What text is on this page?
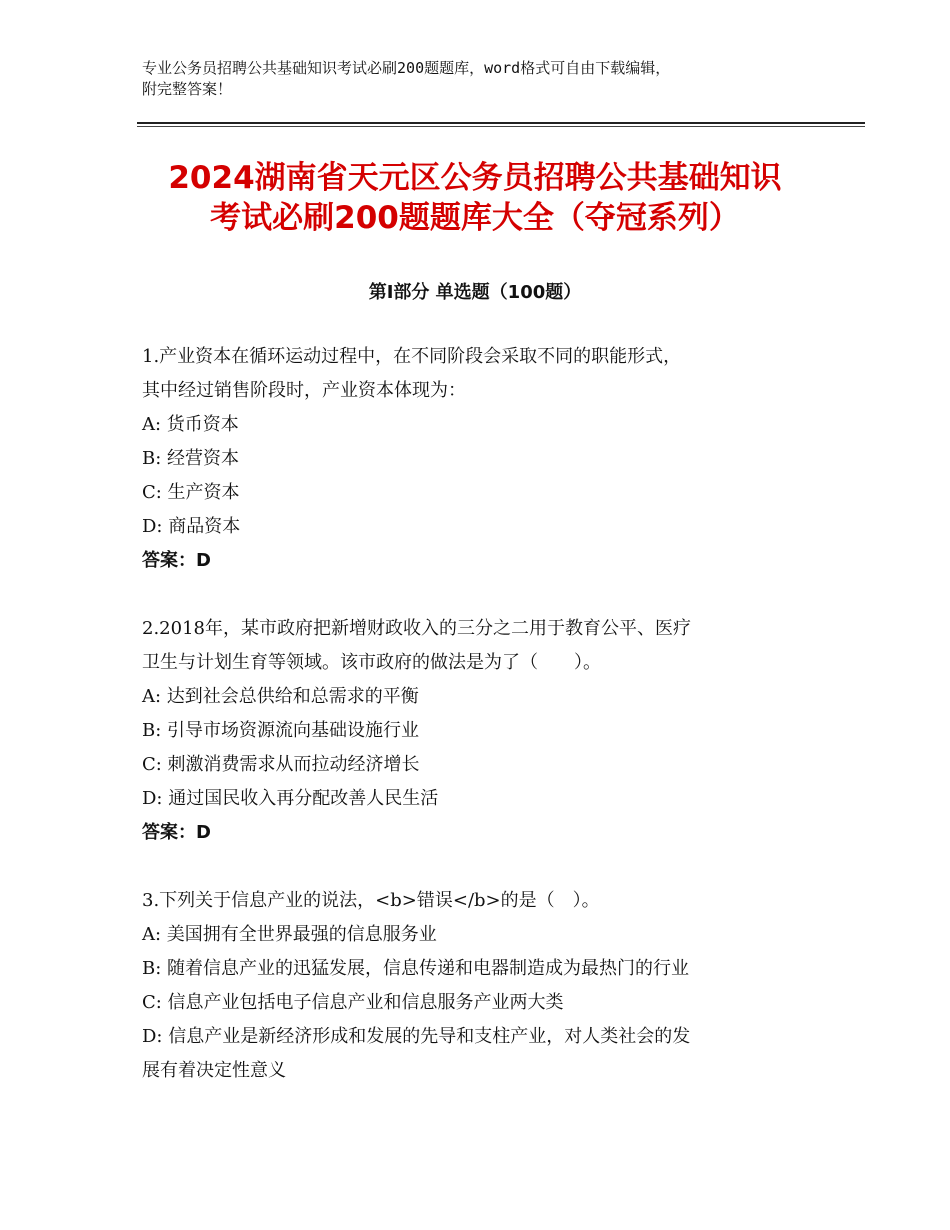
专业公务员招聘公共基础知识考试必刷200题题库，word格式可自由下载编辑，
附完整答案！
2024湖南省天元区公务员招聘公共基础知识
考试必刷200题题库大全（夺冠系列）
第Ⅰ部分 单选题（100题）
1.产业资本在循环运动过程中，在不同阶段会采取不同的职能形式，
其中经过销售阶段时，产业资本体现为：
A: 货币资本
B: 经营资本
C: 生产资本
D: 商品资本
答案：D
2.2018年，某市政府把新增财政收入的三分之二用于教育公平、医疗
卫生与计划生育等领域。该市政府的做法是为了（　　）。
A: 达到社会总供给和总需求的平衡
B: 引导市场资源流向基础设施行业
C: 刺激消费需求从而拉动经济增长
D: 通过国民收入再分配改善人民生活
答案：D
3.下列关于信息产业的说法，<b>错误</b>的是（　）。
A: 美国拥有全世界最强的信息服务业
B: 随着信息产业的迅猛发展，信息传递和电器制造成为最热门的行业
C: 信息产业包括电子信息产业和信息服务产业两大类
D: 信息产业是新经济形成和发展的先导和支柱产业，对人类社会的发
展有着决定性意义
